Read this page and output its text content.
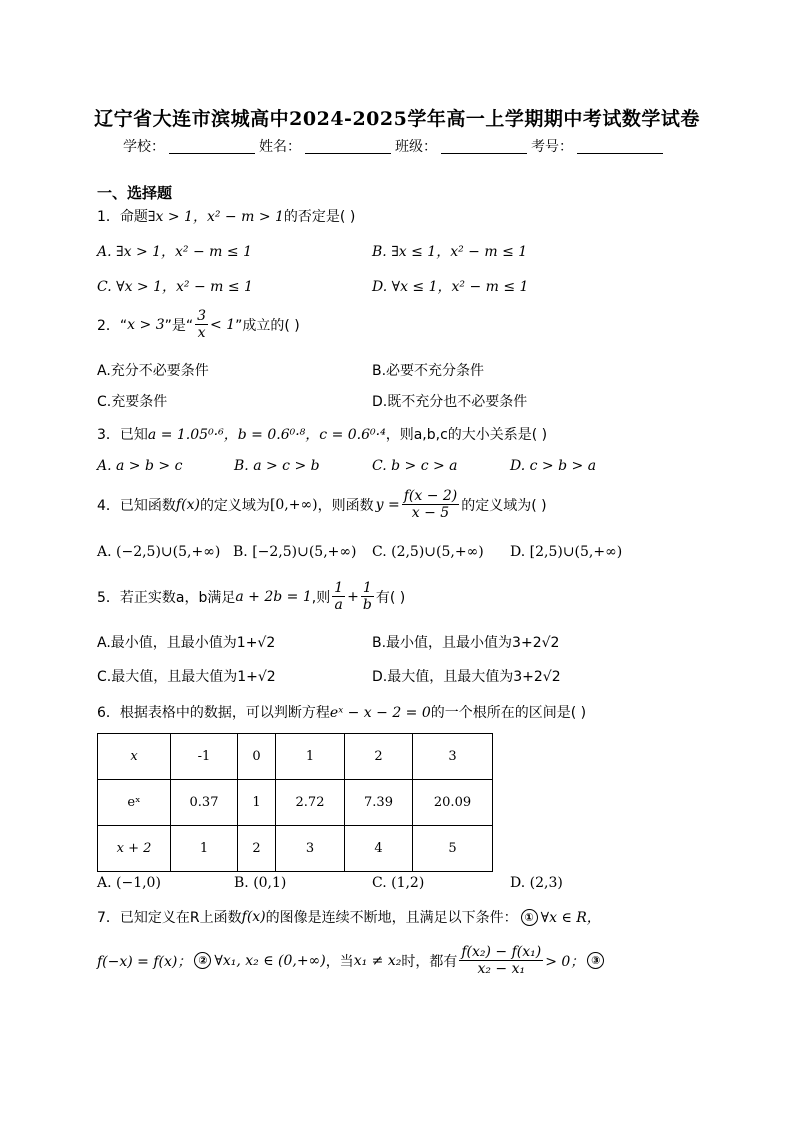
辽宁省大连市滨城高中2024-2025学年高一上学期期中考试数学试卷
学校：	姓名：	班级：	考号：
一、选择题
1．命题∃x > 1，x² − m > 1的否定是( )
A. ∃x > 1，x² − m ≤ 1	B. ∃x ≤ 1，x² − m ≤ 1
C. ∀x > 1，x² − m ≤ 1	D. ∀x ≤ 1，x² − m ≤ 1
2．“ x > 3 ”是“ $\frac{3}{x} < 1$ ”成立的( )
A.充分不必要条件	B.必要不充分条件
C.充要条件	D.既不充分也不必要条件
3．已知a = 1.05⁰·⁶，b = 0.6⁰·⁸，c = 0.6⁰·⁴，则a,b,c的大小关系是( )
A. a > b > c	B. a > c > b	C. b > c > a	D. c > b > a
4．已知函数 f(x) 的定义域为 [0,+∞) ，则函数 $y = \frac{f(x - 2)}{x - 5}$ 的定义域为( )
A. (−2,5)∪(5,+∞) B. [−2,5)∪(5,+∞) C. (2,5)∪(5,+∞) D. [2,5)∪(5,+∞)
5．若正实数a，b满足 a + 2b = 1 ,则 $\frac{1}{a} + \frac{1}{b}$ 有( )
A.最小值，且最小值为1+√2	B.最小值，且最小值为3+2√2
C.最大值，且最大值为1+√2	D.最大值，且最大值为3+2√2
6．根据表格中的数据，可以判断方程eˣ − x − 2 = 0的一个根所在的区间是( )
x	-1	0	1	2	3
eˣ	0.37	1	2.72	7.39	20.09
x + 2	1	2	3	4	5
A. (−1,0)	B. (0,1)	C. (1,2)	D. (2,3)
7．已知定义在R上函数 f(x) 的图像是连续不断地，且满足以下条件： ① ∀x ∈ R，
f(−x) = f(x)； ② ∀x₁, x₂ ∈ (0,+∞) ，当 x₁ ≠ x₂ 时，都有 $\frac{\text{f(x₂) − f(x₁)}}{\text{x₂ − x₁}} > 0$； ③
